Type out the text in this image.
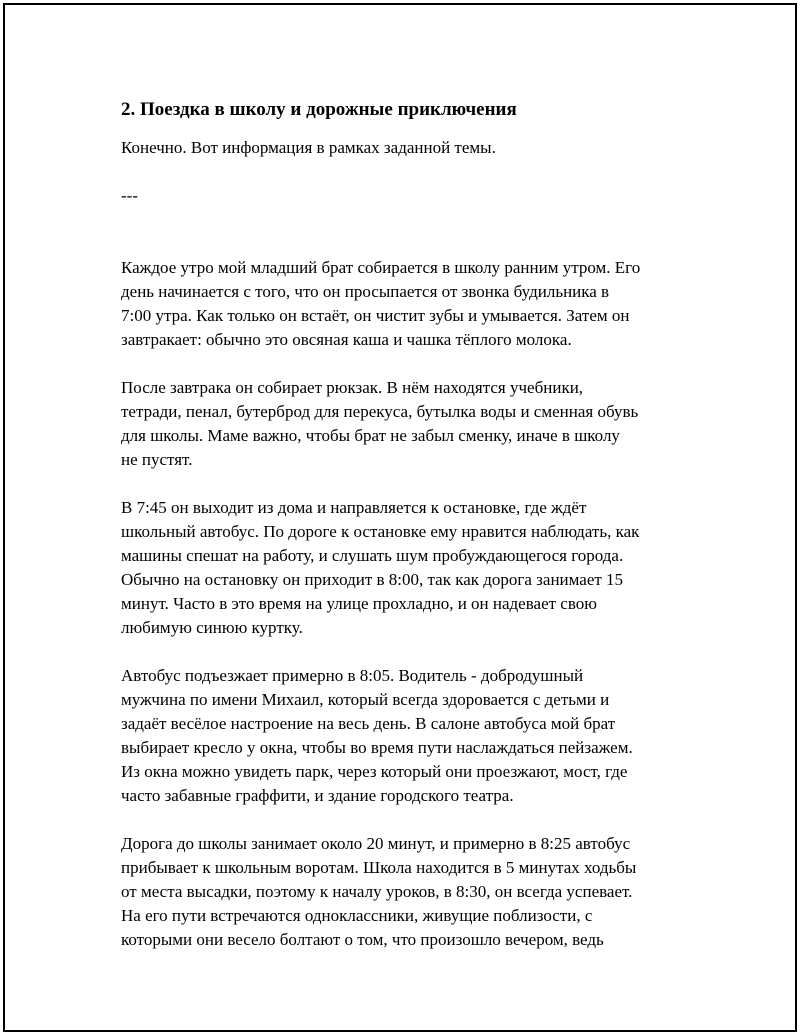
2. Поездка в школу и дорожные приключения

Конечно. Вот информация в рамках заданной темы.

---

Каждое утро мой младший брат собирается в школу ранним утром. Его
день начинается с того, что он просыпается от звонка будильника в
7:00 утра. Как только он встаёт, он чистит зубы и умывается. Затем он
завтракает: обычно это овсяная каша и чашка тёплого молока.

После завтрака он собирает рюкзак. В нём находятся учебники,
тетради, пенал, бутерброд для перекуса, бутылка воды и сменная обувь
для школы. Маме важно, чтобы брат не забыл сменку, иначе в школу
не пустят.

В 7:45 он выходит из дома и направляется к остановке, где ждёт
школьный автобус. По дороге к остановке ему нравится наблюдать, как
машины спешат на работу, и слушать шум пробуждающегося города.
Обычно на остановку он приходит в 8:00, так как дорога занимает 15
минут. Часто в это время на улице прохладно, и он надевает свою
любимую синюю куртку.

Автобус подъезжает примерно в 8:05. Водитель - добродушный
мужчина по имени Михаил, который всегда здоровается с детьми и
задаёт весёлое настроение на весь день. В салоне автобуса мой брат
выбирает кресло у окна, чтобы во время пути наслаждаться пейзажем.
Из окна можно увидеть парк, через который они проезжают, мост, где
часто забавные граффити, и здание городского театра.

Дорога до школы занимает около 20 минут, и примерно в 8:25 автобус
прибывает к школьным воротам. Школа находится в 5 минутах ходьбы
от места высадки, поэтому к началу уроков, в 8:30, он всегда успевает.
На его пути встречаются одноклассники, живущие поблизости, с
которыми они весело болтают о том, что произошло вечером, ведь
